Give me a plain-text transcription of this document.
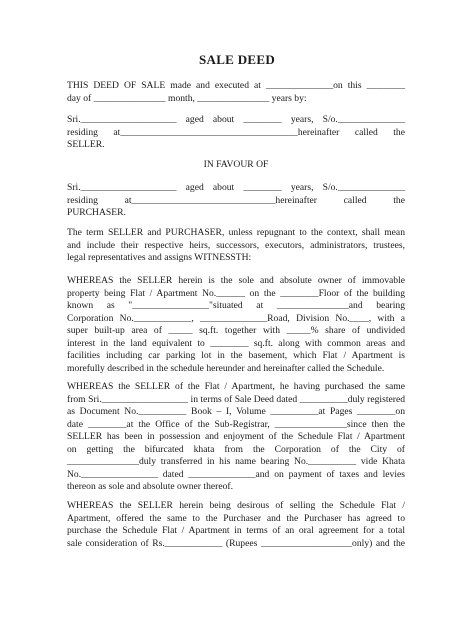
SALE DEED
THIS DEED OF SALE made and executed at ______________on this ________
day of _______________ month, _______________ years by:
Sri.____________________ aged about ________ years, S/o.______________
residing at_____________________________________hereinafter called the
SELLER.
IN FAVOUR OF
Sri.____________________ aged about ________ years, S/o.______________
residing at______________________________hereinafter called the
PURCHASER.
The term SELLER and PURCHASER, unless repugnant to the context, shall mean
and include their respective heirs, successors, executors, administrators, trustees,
legal representatives and assigns WITNESSTH:
WHEREAS the SELLER herein is the sole and absolute owner of immovable
property being Flat / Apartment No.______ on the ________Floor of the building
known as "________________"situated at _______________and bearing
Corporation No.____________, ______________Road, Division No.____, with a
super built-up area of _____ sq.ft. together with _____% share of undivided
interest in the land equivalent to ________ sq.ft. along with common areas and
facilities including car parking lot in the basement, which Flat / Apartment is
morefully described in the schedule hereunder and hereinafter called the Schedule.
WHEREAS the SELLER of the Flat / Apartment, he having purchased the same
from Sri.__________________ in terms of Sale Deed dated __________duly registered
as Document No.__________ Book – I, Volume __________at Pages ________on
date ________at the Office of the Sub-Registrar, _______________since then the
SELLER has been in possession and enjoyment of the Schedule Flat / Apartment
on getting the bifurcated khata from the Corporation of the City of
_______________duly transferred in his name bearing No.__________ vide Khata
No.________________ dated ______________and on payment of taxes and levies
thereon as sole and absolute owner thereof.
WHEREAS the SELLER herein being desirous of selling the Schedule Flat /
Apartment, offered the same to the Purchaser and the Purchaser has agreed to
purchase the Schedule Flat / Apartment in terms of an oral agreement for a total
sale consideration of Rs.____________ (Rupees ___________________only) and the
